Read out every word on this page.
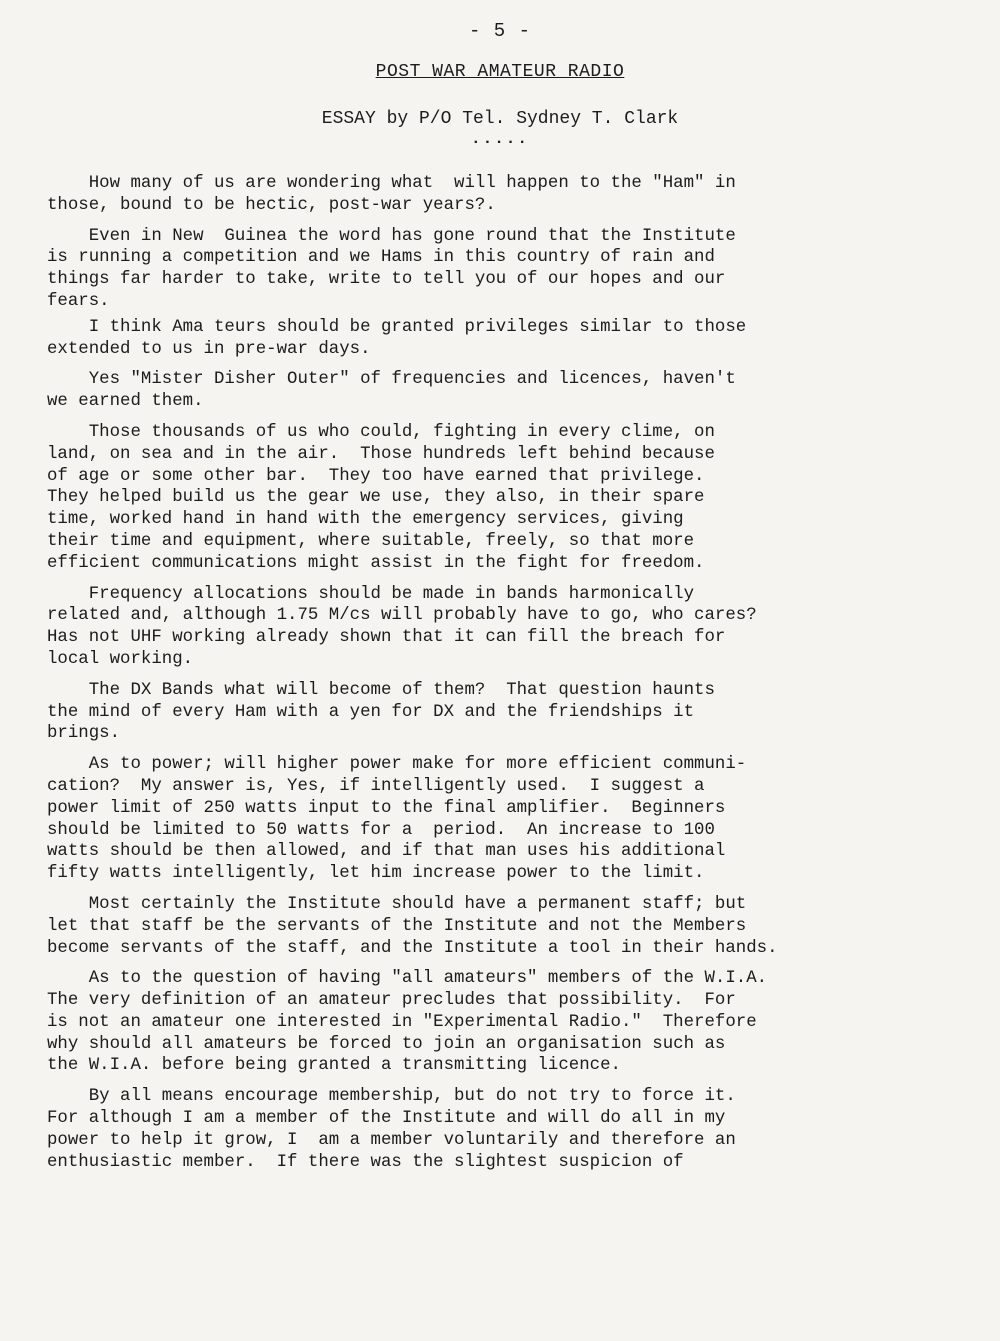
- 5 -
POST WAR AMATEUR RADIO
ESSAY by P/O Tel. Sydney T. Clark
.....
How many of us are wondering what  will happen to the "Ham" in
those, bound to be hectic, post-war years?.
Even in New  Guinea the word has gone round that the Institute
is running a competition and we Hams in this country of rain and
things far harder to take, write to tell you of our hopes and our
fears.
I think Ama teurs should be granted privileges similar to those
extended to us in pre-war days.
Yes "Mister Disher Outer" of frequencies and licences, haven't
we earned them.
Those thousands of us who could, fighting in every clime, on
land, on sea and in the air.  Those hundreds left behind because
of age or some other bar.  They too have earned that privilege.
They helped build us the gear we use, they also, in their spare
time, worked hand in hand with the emergency services, giving
their time and equipment, where suitable, freely, so that more
efficient communications might assist in the fight for freedom.
Frequency allocations should be made in bands harmonically
related and, although 1.75 M/cs will probably have to go, who cares?
Has not UHF working already shown that it can fill the breach for
local working.
The DX Bands what will become of them?  That question haunts
the mind of every Ham with a yen for DX and the friendships it
brings.
As to power; will higher power make for more efficient communi-
cation?  My answer is, Yes, if intelligently used.  I suggest a
power limit of 250 watts input to the final amplifier.  Beginners
should be limited to 50 watts for a  period.  An increase to 100
watts should be then allowed, and if that man uses his additional
fifty watts intelligently, let him increase power to the limit.
Most certainly the Institute should have a permanent staff; but
let that staff be the servants of the Institute and not the Members
become servants of the staff, and the Institute a tool in their hands.
As to the question of having "all amateurs" members of the W.I.A.
The very definition of an amateur precludes that possibility.  For
is not an amateur one interested in "Experimental Radio."  Therefore
why should all amateurs be forced to join an organisation such as
the W.I.A. before being granted a transmitting licence.
By all means encourage membership, but do not try to force it.
For although I am a member of the Institute and will do all in my
power to help it grow, I  am a member voluntarily and therefore an
enthusiastic member.  If there was the slightest suspicion of
